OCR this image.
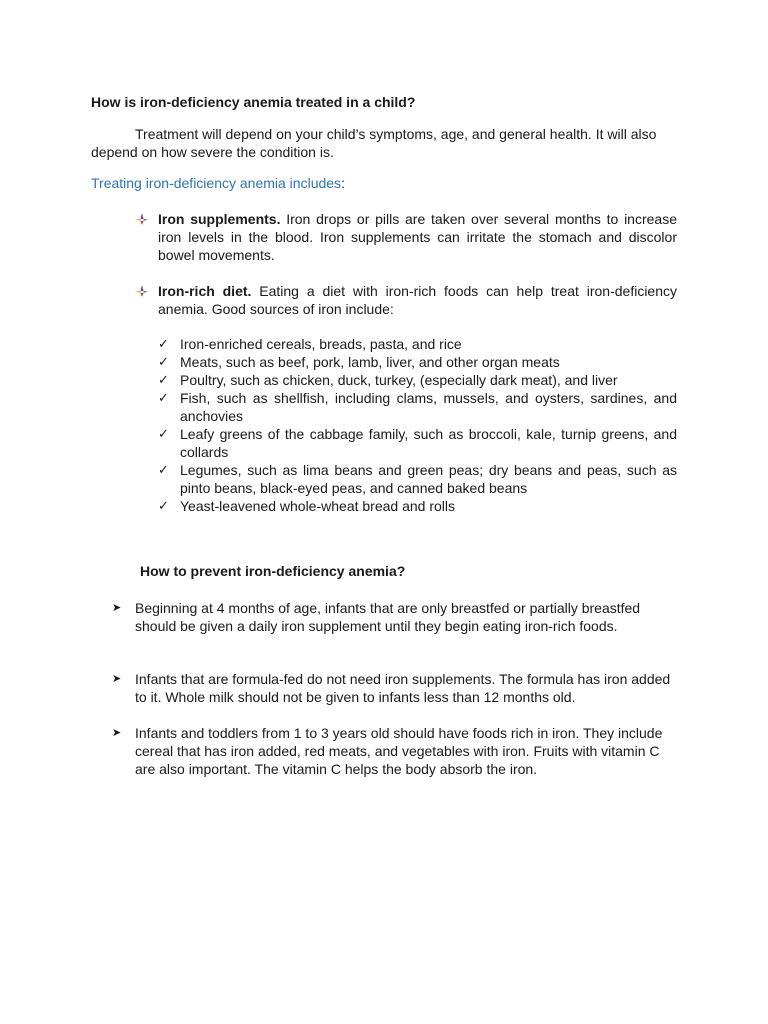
How is iron-deficiency anemia treated in a child?

Treatment will depend on your child’s symptoms, age, and general health. It will also depend on how severe the condition is.

Treating iron-deficiency anemia includes:

Iron supplements. Iron drops or pills are taken over several months to increase iron levels in the blood. Iron supplements can irritate the stomach and discolor bowel movements.
Iron-rich diet. Eating a diet with iron-rich foods can help treat iron-deficiency anemia. Good sources of iron include:
✓ Iron-enriched cereals, breads, pasta, and rice
✓ Meats, such as beef, pork, lamb, liver, and other organ meats
✓ Poultry, such as chicken, duck, turkey, (especially dark meat), and liver
✓ Fish, such as shellfish, including clams, mussels, and oysters, sardines, and anchovies
✓ Leafy greens of the cabbage family, such as broccoli, kale, turnip greens, and collards
✓ Legumes, such as lima beans and green peas; dry beans and peas, such as pinto beans, black-eyed peas, and canned baked beans
✓ Yeast-leavened whole-wheat bread and rolls
How to prevent iron-deficiency anemia?
➤ Beginning at 4 months of age, infants that are only breastfed or partially breastfed should be given a daily iron supplement until they begin eating iron-rich foods.
➤ Infants that are formula-fed do not need iron supplements. The formula has iron added to it. Whole milk should not be given to infants less than 12 months old.
➤ Infants and toddlers from 1 to 3 years old should have foods rich in iron. They include cereal that has iron added, red meats, and vegetables with iron. Fruits with vitamin C are also important. The vitamin C helps the body absorb the iron.
